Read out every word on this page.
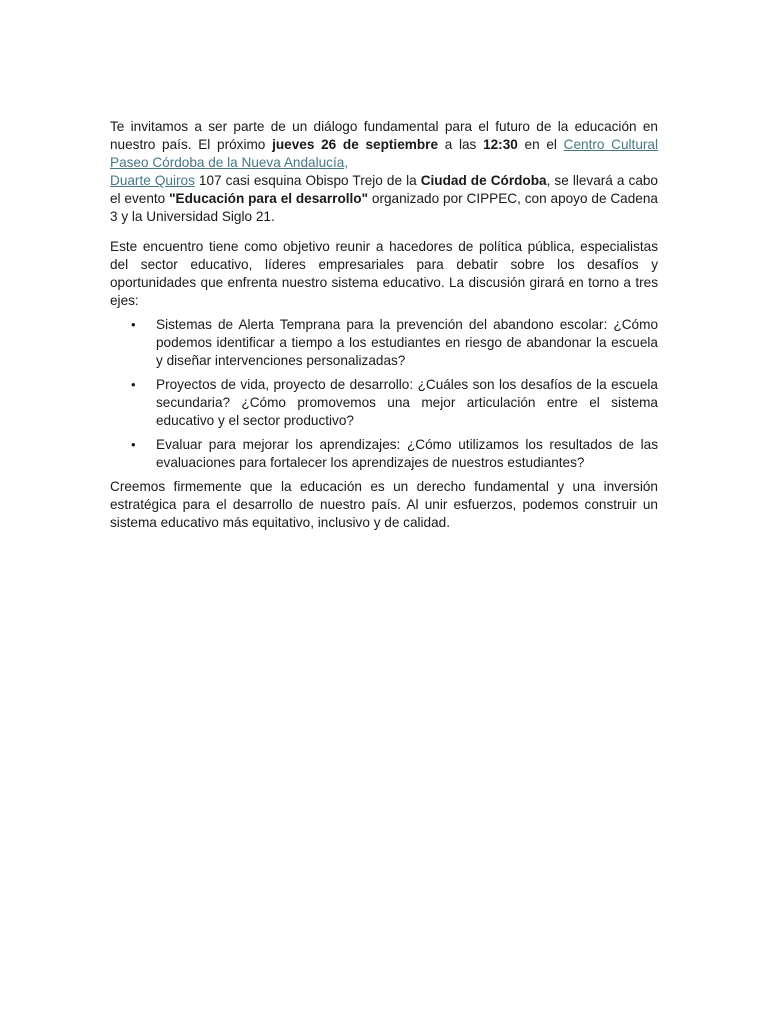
Te invitamos a ser parte de un diálogo fundamental para el futuro de la educación en nuestro país. El próximo jueves 26 de septiembre a las 12:30 en el Centro Cultural Paseo Córdoba de la Nueva Andalucía,
Duarte Quiros 107 casi esquina Obispo Trejo de la Ciudad de Córdoba, se llevará a cabo el evento "Educación para el desarrollo" organizado por CIPPEC, con apoyo de Cadena 3 y la Universidad Siglo 21.

Este encuentro tiene como objetivo reunir a hacedores de política pública, especialistas del sector educativo, líderes empresariales para debatir sobre los desafíos y oportunidades que enfrenta nuestro sistema educativo. La discusión girará en torno a tres ejes:

• Sistemas de Alerta Temprana para la prevención del abandono escolar: ¿Cómo podemos identificar a tiempo a los estudiantes en riesgo de abandonar la escuela y diseñar intervenciones personalizadas?
• Proyectos de vida, proyecto de desarrollo: ¿Cuáles son los desafíos de la escuela secundaria? ¿Cómo promovemos una mejor articulación entre el sistema educativo y el sector productivo?
• Evaluar para mejorar los aprendizajes: ¿Cómo utilizamos los resultados de las evaluaciones para fortalecer los aprendizajes de nuestros estudiantes?

Creemos firmemente que la educación es un derecho fundamental y una inversión estratégica para el desarrollo de nuestro país. Al unir esfuerzos, podemos construir un sistema educativo más equitativo, inclusivo y de calidad.
